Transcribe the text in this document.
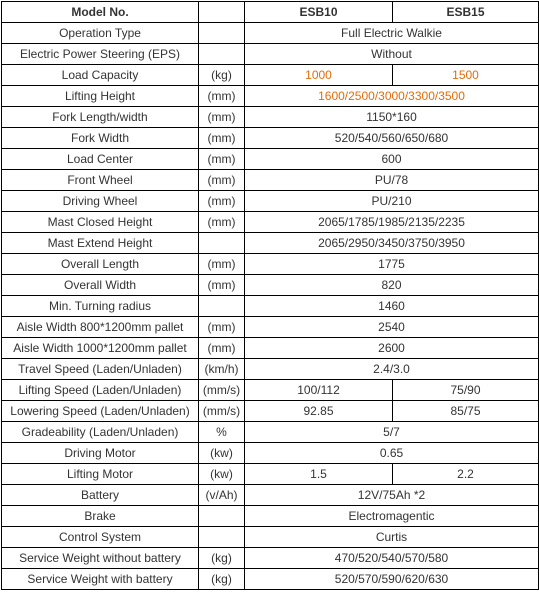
Model No.		ESB10	ESB15
Operation Type		Full Electric Walkie	
Electric Power Steering (EPS)		Without	
Load Capacity	(kg)	1000	1500
Lifting Height	(mm)	1600/2500/3000/3300/3500	
Fork Length/width	(mm)	1150*160	
Fork Width	(mm)	520/540/560/650/680	
Load Center	(mm)	600	
Front Wheel	(mm)	PU/78	
Driving Wheel	(mm)	PU/210	
Mast Closed Height	(mm)	2065/1785/1985/2135/2235	
Mast Extend Height		2065/2950/3450/3750/3950	
Overall Length	(mm)	1775	
Overall Width	(mm)	820	
Min. Turning radius		1460	
Aisle Width 800*1200mm pallet	(mm)	2540	
Aisle Width 1000*1200mm pallet	(mm)	2600	
Travel Speed (Laden/Unladen)	(km/h)	2.4/3.0	
Lifting Speed (Laden/Unladen)	(mm/s)	100/112	75/90
Lowering Speed (Laden/Unladen)	(mm/s)	92.85	85/75
Gradeability (Laden/Unladen)	%	5/7	
Driving Motor	(kw)	0.65	
Lifting Motor	(kw)	1.5	2.2
Battery	(v/Ah)	12V/75Ah *2	
Brake		Electromagentic	
Control System		Curtis	
Service Weight without battery	(kg)	470/520/540/570/580	
Service Weight with battery	(kg)	520/570/590/620/630	
